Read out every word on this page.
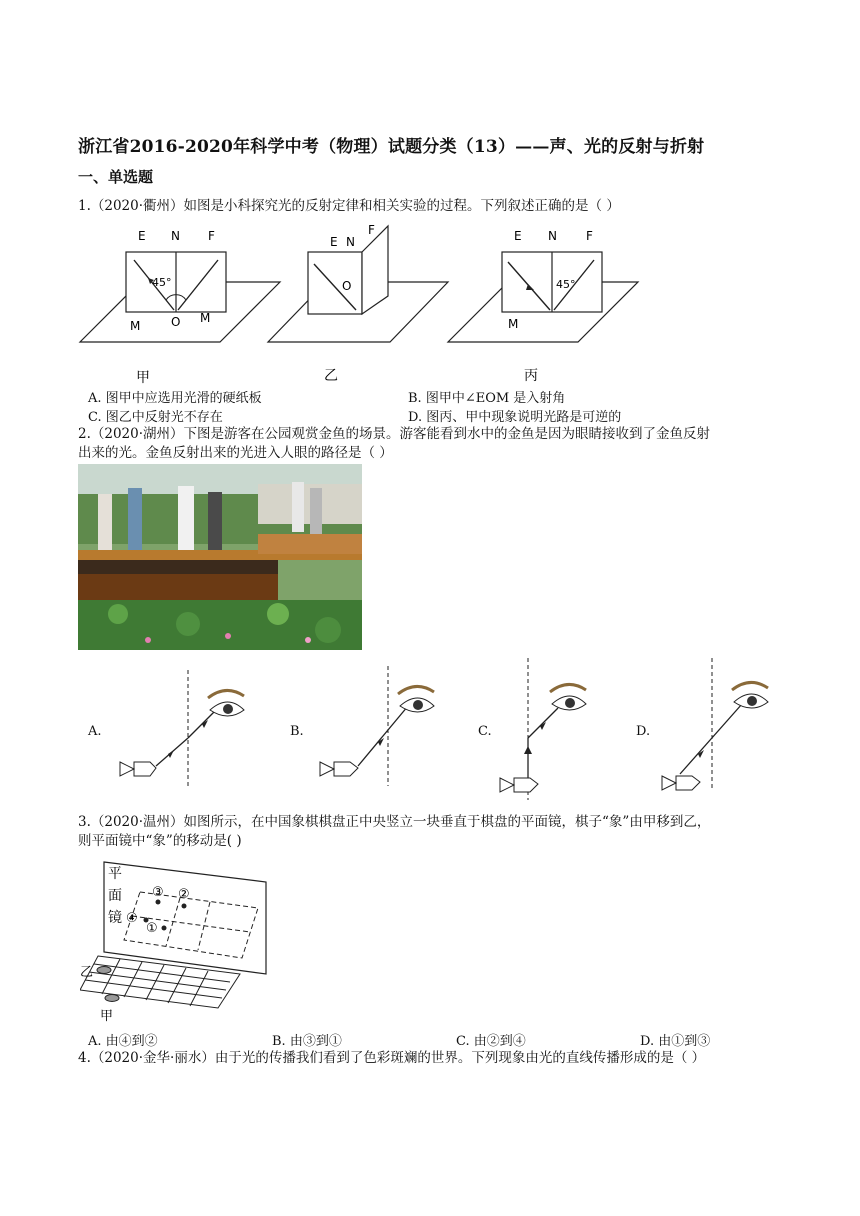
浙江省2016-2020年科学中考（物理）试题分类（13）——声、光的反射与折射
一、单选题
1.（2020·衢州）如图是小科探究光的反射定律和相关实验的过程。下列叙述正确的是（ ）
E N F
45°
O
M
M
甲
E N
F
O
乙
E N F
45°
M
丙
A. 图甲中应选用光滑的硬纸板	B. 图甲中∠EOM 是入射角
C. 图乙中反射光不存在	D. 图丙、甲中现象说明光路是可逆的
2.（2020·湖州）下图是游客在公园观赏金鱼的场景。游客能看到水中的金鱼是因为眼睛接收到了金鱼反射
出来的光。金鱼反射出来的光进入人眼的路径是（ ）
A.	B.	C.	D.
3.（2020·温州）如图所示，在中国象棋棋盘正中央竖立一块垂直于棋盘的平面镜，棋子“象”由甲移到乙，
则平面镜中“象”的移动是( )
平
面
镜
③ ②
④
①
乙
甲
A. 由④到②	B. 由③到①	C. 由②到④	D. 由①到③
4.（2020·金华·丽水）由于光的传播我们看到了色彩斑斓的世界。下列现象由光的直线传播形成的是（ ）
